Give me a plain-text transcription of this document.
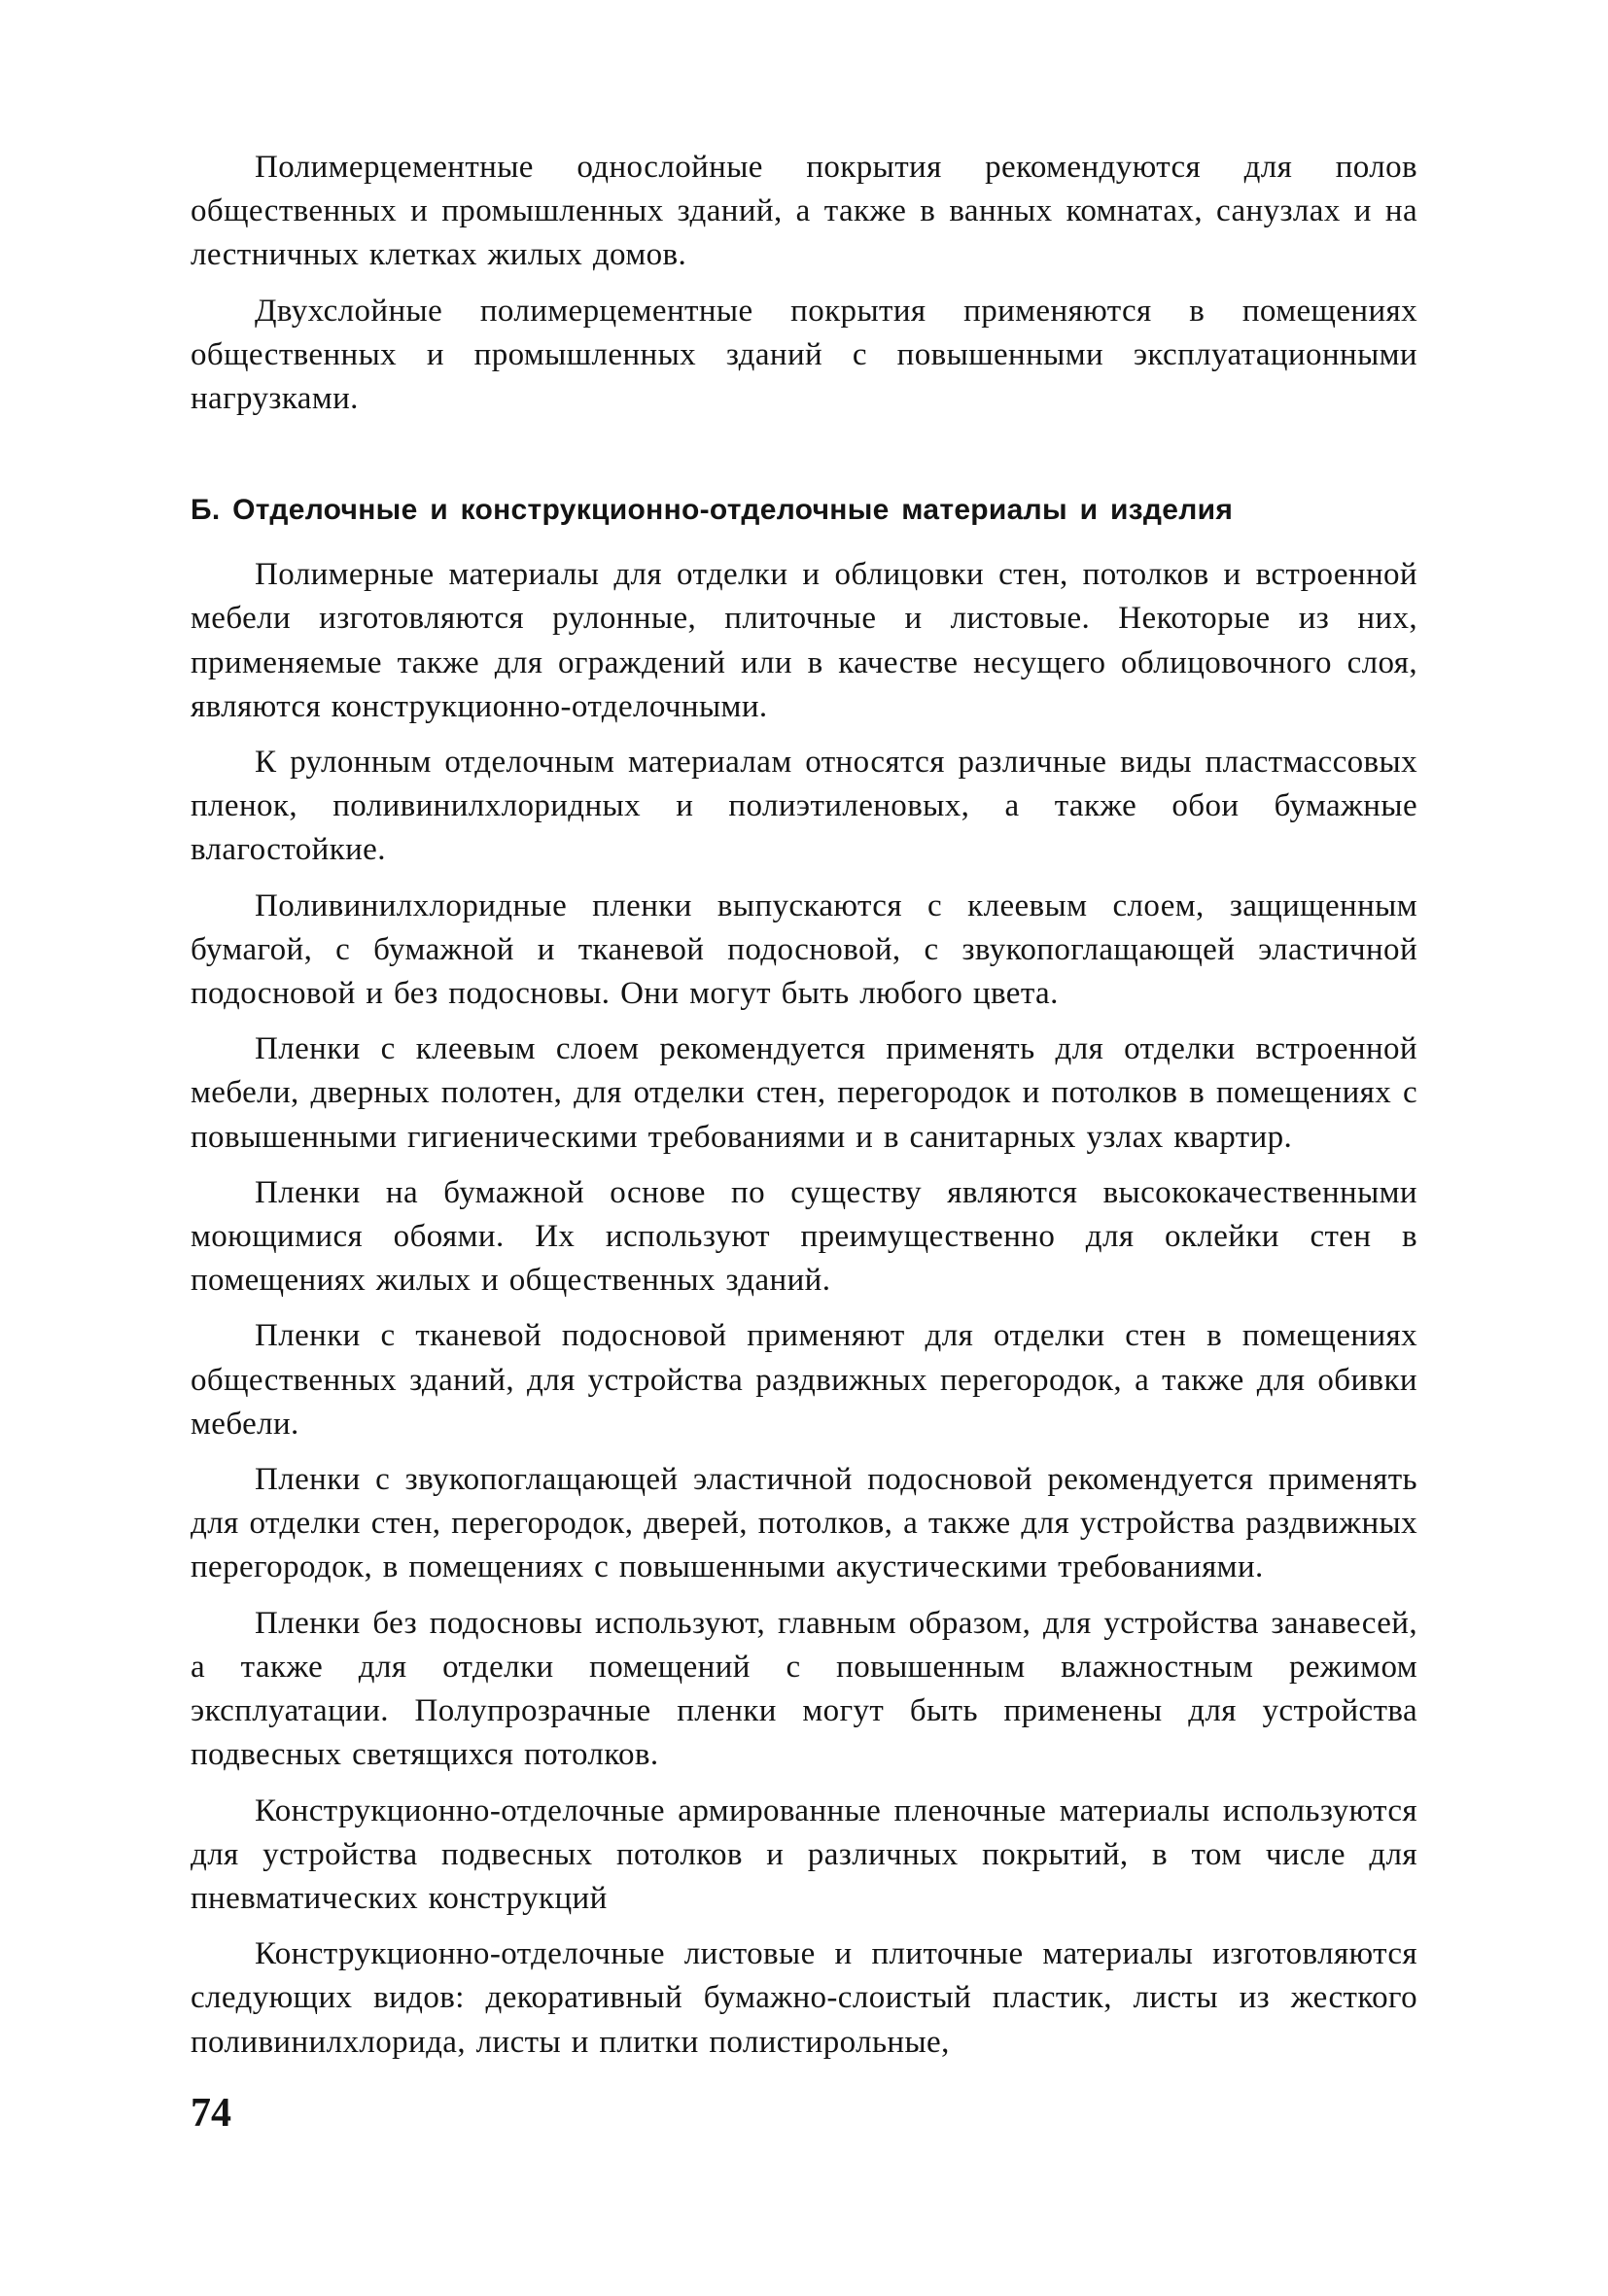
Полимерцементные однослойные покрытия рекомендуются для полов общественных и промышленных зданий, а также в ванных комнатах, санузлах и на лестничных клетках жилых домов.

Двухслойные полимерцементные покрытия применяются в помещениях общественных и промышленных зданий с повышенными эксплуатационными нагрузками.

Б. Отделочные и конструкционно-отделочные материалы и изделия

Полимерные материалы для отделки и облицовки стен, потолков и встроенной мебели изготовляются рулонные, плиточные и листовые. Некоторые из них, применяемые также для ограждений или в качестве несущего облицовочного слоя, являются конструкционно-отделочными.

К рулонным отделочным материалам относятся различные виды пластмассовых пленок, поливинилхлоридных и полиэтиленовых, а также обои бумажные влагостойкие.

Поливинилхлоридные пленки выпускаются с клеевым слоем, защищенным бумагой, с бумажной и тканевой подосновой, с звукопоглащающей эластичной подосновой и без подосновы. Они могут быть любого цвета.

Пленки с клеевым слоем рекомендуется применять для отделки встроенной мебели, дверных полотен, для отделки стен, перегородок и потолков в помещениях с повышенными гигиеническими требованиями и в санитарных узлах квартир.

Пленки на бумажной основе по существу являются высококачественными моющимися обоями. Их используют преимущественно для оклейки стен в помещениях жилых и общественных зданий.

Пленки с тканевой подосновой применяют для отделки стен в помещениях общественных зданий, для устройства раздвижных перегородок, а также для обивки мебели.

Пленки с звукопоглащающей эластичной подосновой рекомендуется применять для отделки стен, перегородок, дверей, потолков, а также для устройства раздвижных перегородок, в помещениях с повышенными акустическими требованиями.

Пленки без подосновы используют, главным образом, для устройства занавесей, а также для отделки помещений с повышенным влажностным режимом эксплуатации. Полупрозрачные пленки могут быть применены для устройства подвесных светящихся потолков.

Конструкционно-отделочные армированные пленочные материалы используются для устройства подвесных потолков и различных покрытий, в том числе для пневматических конструкций

Конструкционно-отделочные листовые и плиточные материалы изготовляются следующих видов: декоративный бумажно-слоистый пластик, листы из жесткого поливинилхлорида, листы и плитки полистирольные,

74
